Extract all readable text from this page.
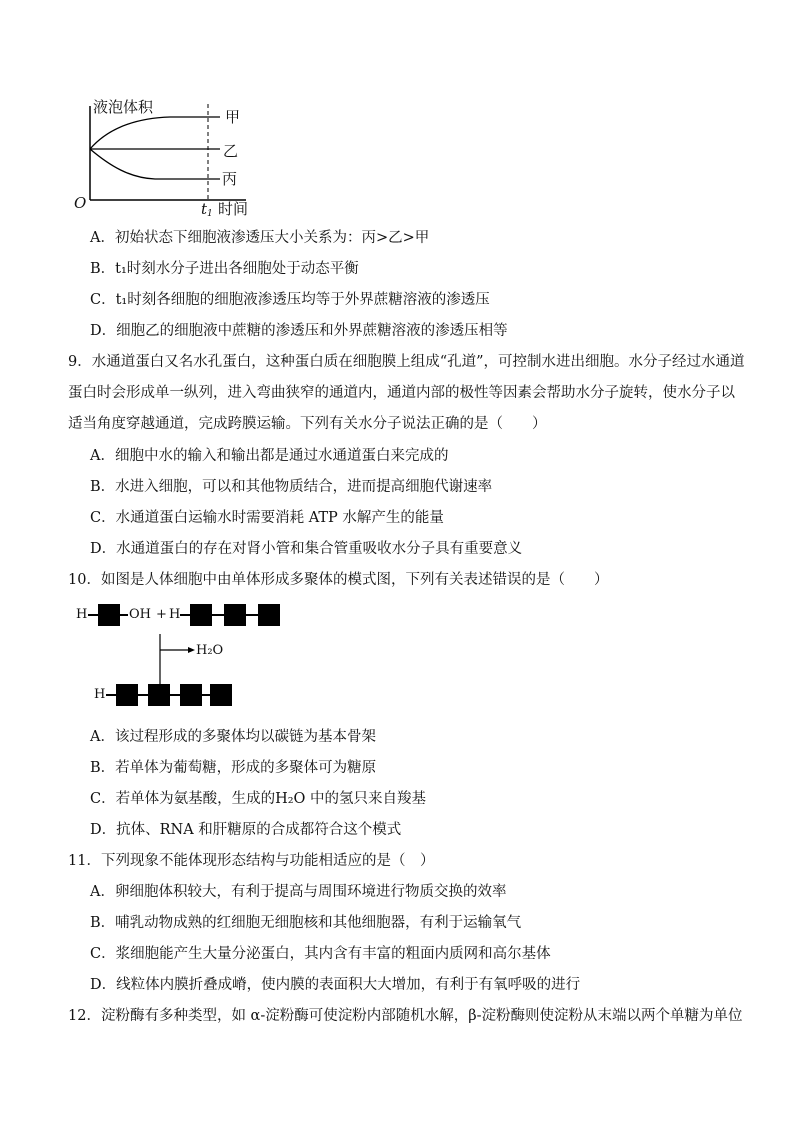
液泡体积
O	$t_1$ 时间
甲
乙
丙
A．初始状态下细胞液渗透压大小关系为：丙>乙>甲
B．t₁时刻水分子进出各细胞处于动态平衡
C．t₁时刻各细胞的细胞液渗透压均等于外界蔗糖溶液的渗透压
D．细胞乙的细胞液中蔗糖的渗透压和外界蔗糖溶液的渗透压相等
9．水通道蛋白又名水孔蛋白，这种蛋白质在细胞膜上组成“孔道”，可控制水进出细胞。水分子经过水通道
蛋白时会形成单一纵列，进入弯曲狭窄的通道内，通道内部的极性等因素会帮助水分子旋转，使水分子以
适当角度穿越通道，完成跨膜运输。下列有关水分子说法正确的是（　　）
A．细胞中水的输入和输出都是通过水通道蛋白来完成的
B．水进入细胞，可以和其他物质结合，进而提高细胞代谢速率
C．水通道蛋白运输水时需要消耗 ATP 水解产生的能量
D．水通道蛋白的存在对肾小管和集合管重吸收水分子具有重要意义
10．如图是人体细胞中由单体形成多聚体的模式图，下列有关表述错误的是（　　）
H	OH + H
H₂O
H
A．该过程形成的多聚体均以碳链为基本骨架
B．若单体为葡萄糖，形成的多聚体可为糖原
C．若单体为氨基酸，生成的H₂O 中的氢只来自羧基
D．抗体、RNA 和肝糖原的合成都符合这个模式
11．下列现象不能体现形态结构与功能相适应的是（　）
A．卵细胞体积较大，有利于提高与周围环境进行物质交换的效率
B．哺乳动物成熟的红细胞无细胞核和其他细胞器，有利于运输氧气
C．浆细胞能产生大量分泌蛋白，其内含有丰富的粗面内质网和高尔基体
D．线粒体内膜折叠成嵴，使内膜的表面积大大增加，有利于有氧呼吸的进行
12．淀粉酶有多种类型，如 α-淀粉酶可使淀粉内部随机水解，β-淀粉酶则使淀粉从末端以两个单糖为单位
